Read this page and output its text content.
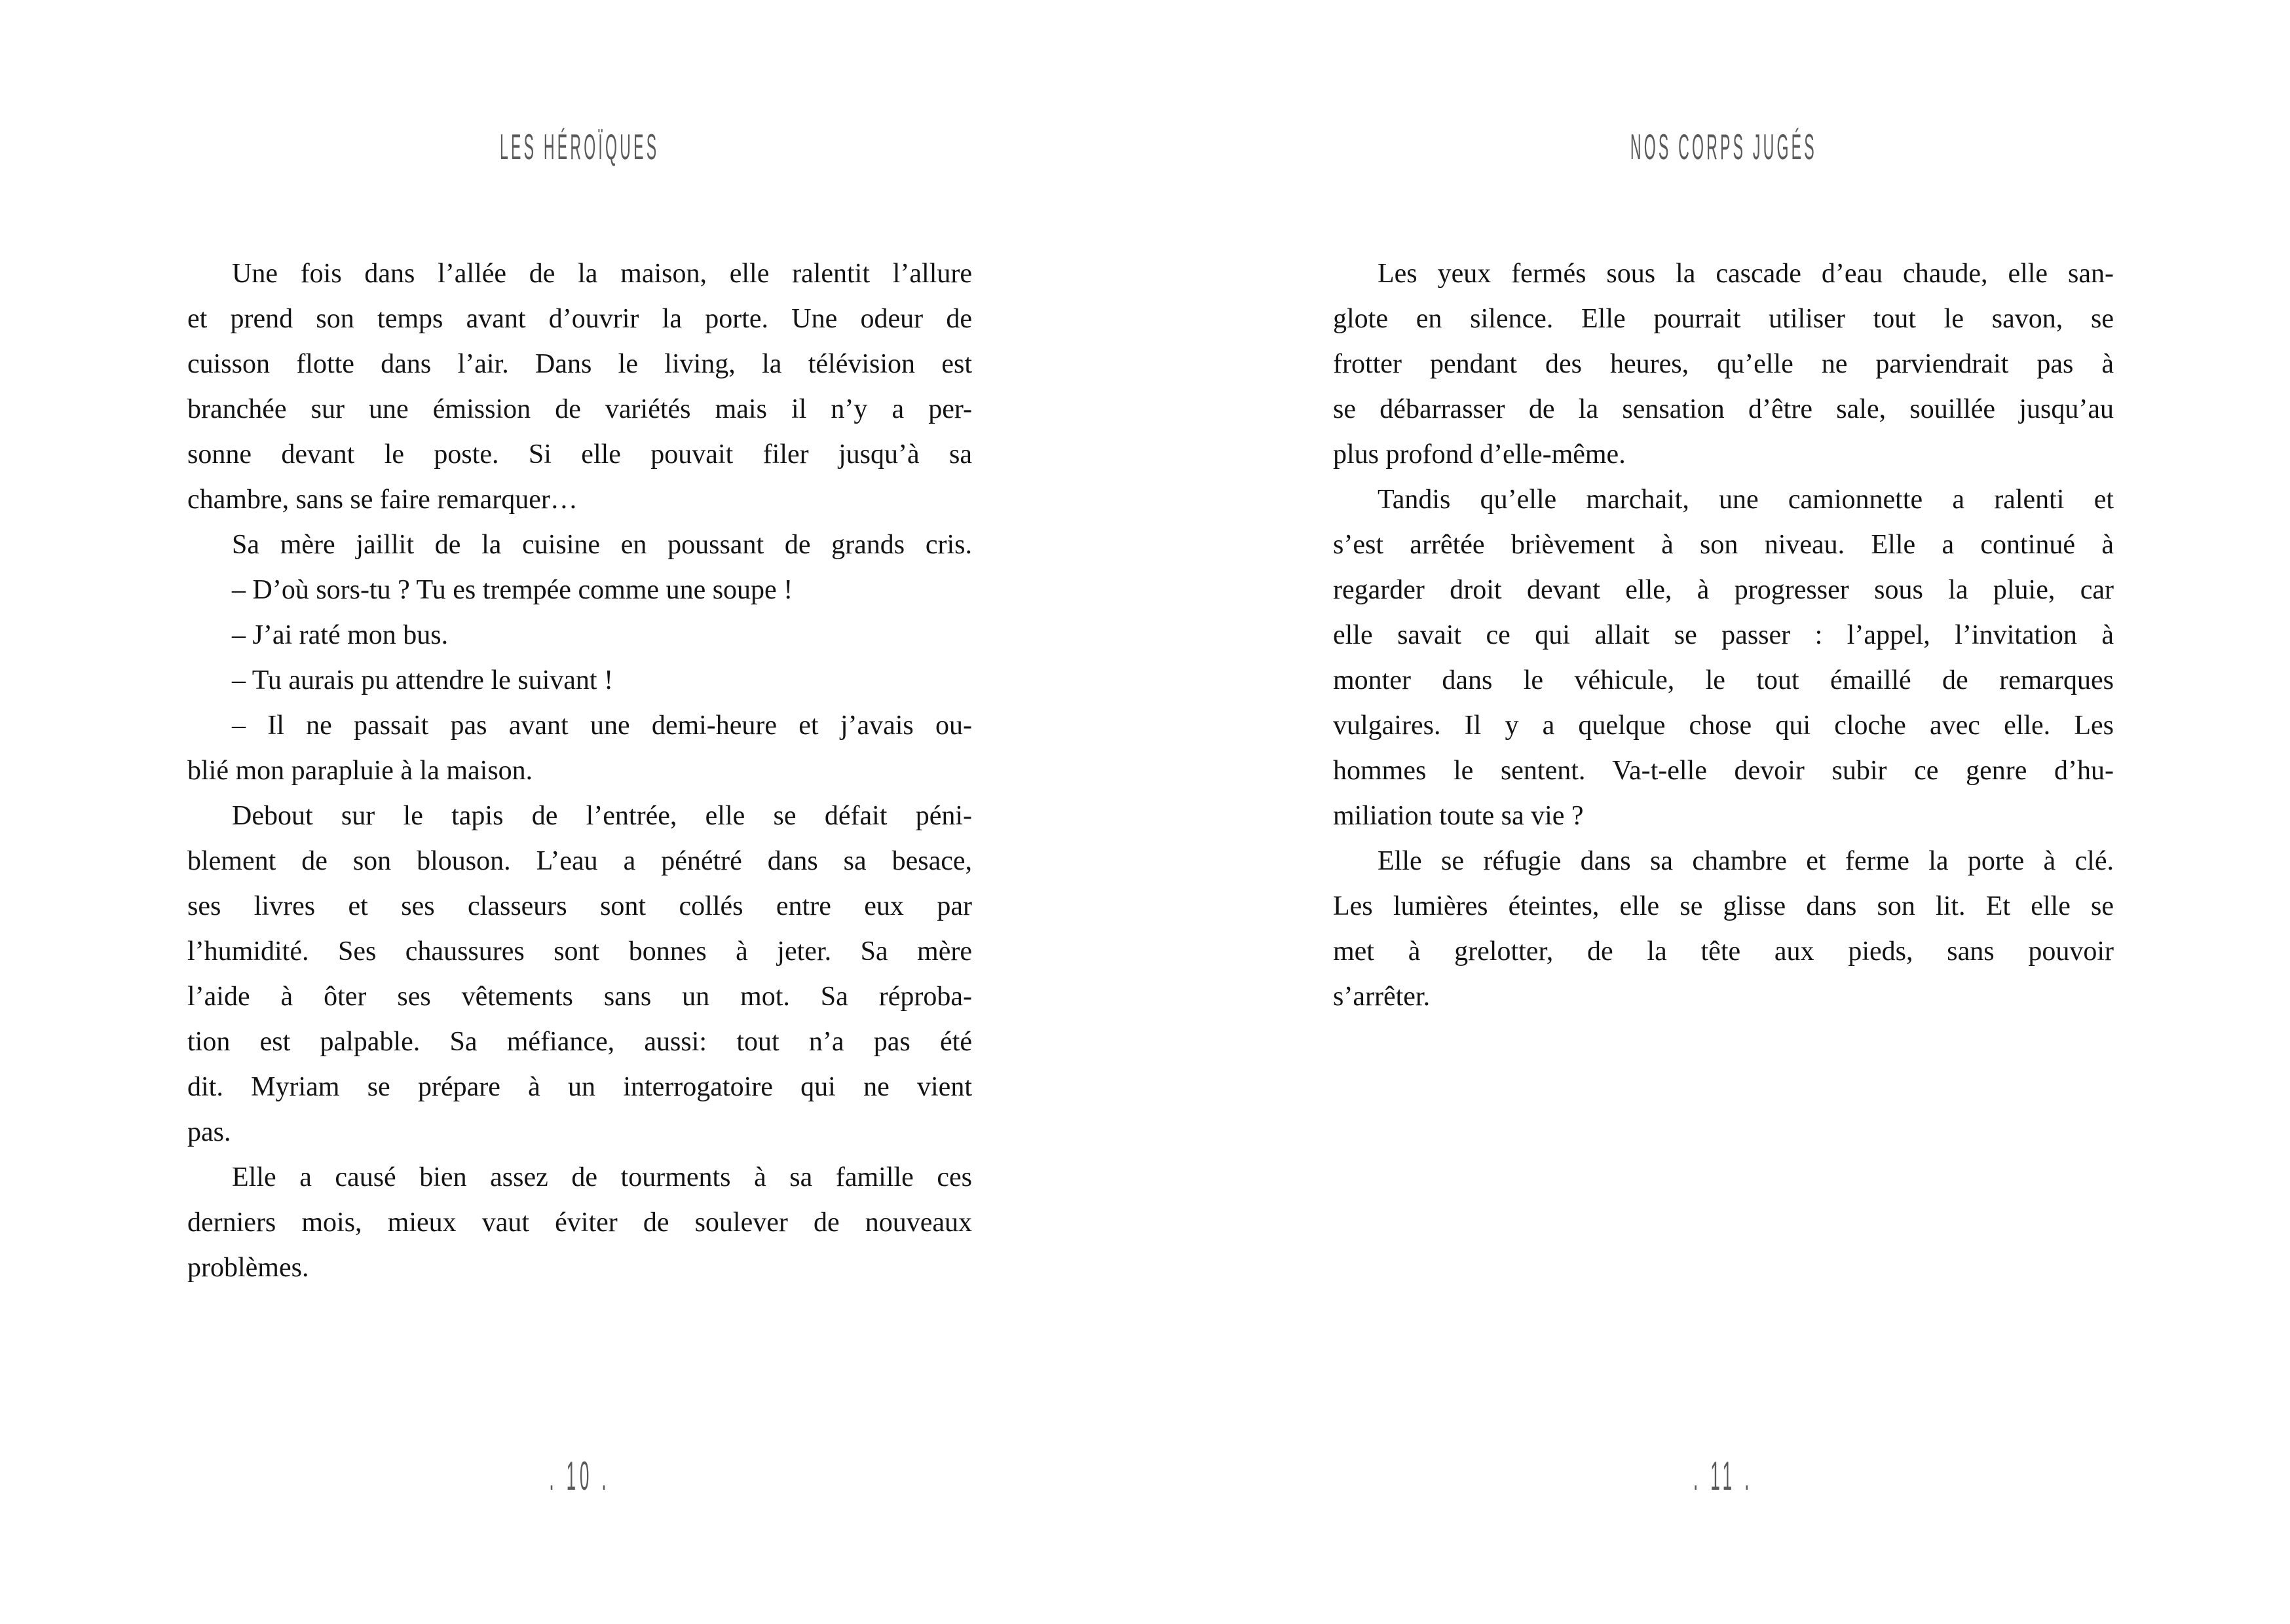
LES HÉROÏQUES
Une fois dans l’allée de la maison, elle ralentit l’allure
et prend son temps avant d’ouvrir la porte. Une odeur de
cuisson flotte dans l’air. Dans le living, la télévision est
branchée sur une émission de variétés mais il n’y a per-
sonne devant le poste. Si elle pouvait filer jusqu’à sa
chambre, sans se faire remarquer…
Sa mère jaillit de la cuisine en poussant de grands cris.
– D’où sors-tu ? Tu es trempée comme une soupe !
– J’ai raté mon bus.
– Tu aurais pu attendre le suivant !
– Il ne passait pas avant une demi-heure et j’avais ou-
blié mon parapluie à la maison.
Debout sur le tapis de l’entrée, elle se défait péni-
blement de son blouson. L’eau a pénétré dans sa besace,
ses livres et ses classeurs sont collés entre eux par
l’humidité. Ses chaussures sont bonnes à jeter. Sa mère
l’aide à ôter ses vêtements sans un mot. Sa réproba-
tion est palpable. Sa méfiance, aussi: tout n’a pas été
dit. Myriam se prépare à un interrogatoire qui ne vient
pas.
Elle a causé bien assez de tourments à sa famille ces
derniers mois, mieux vaut éviter de soulever de nouveaux
problèmes.
. 10 .
NOS CORPS JUGÉS
Les yeux fermés sous la cascade d’eau chaude, elle san-
glote en silence. Elle pourrait utiliser tout le savon, se
frotter pendant des heures, qu’elle ne parviendrait pas à
se débarrasser de la sensation d’être sale, souillée jusqu’au
plus profond d’elle-même.
Tandis qu’elle marchait, une camionnette a ralenti et
s’est arrêtée brièvement à son niveau. Elle a continué à
regarder droit devant elle, à progresser sous la pluie, car
elle savait ce qui allait se passer : l’appel, l’invitation à
monter dans le véhicule, le tout émaillé de remarques
vulgaires. Il y a quelque chose qui cloche avec elle. Les
hommes le sentent. Va-t-elle devoir subir ce genre d’hu-
miliation toute sa vie ?
Elle se réfugie dans sa chambre et ferme la porte à clé.
Les lumières éteintes, elle se glisse dans son lit. Et elle se
met à grelotter, de la tête aux pieds, sans pouvoir
s’arrêter.
. 11 .
